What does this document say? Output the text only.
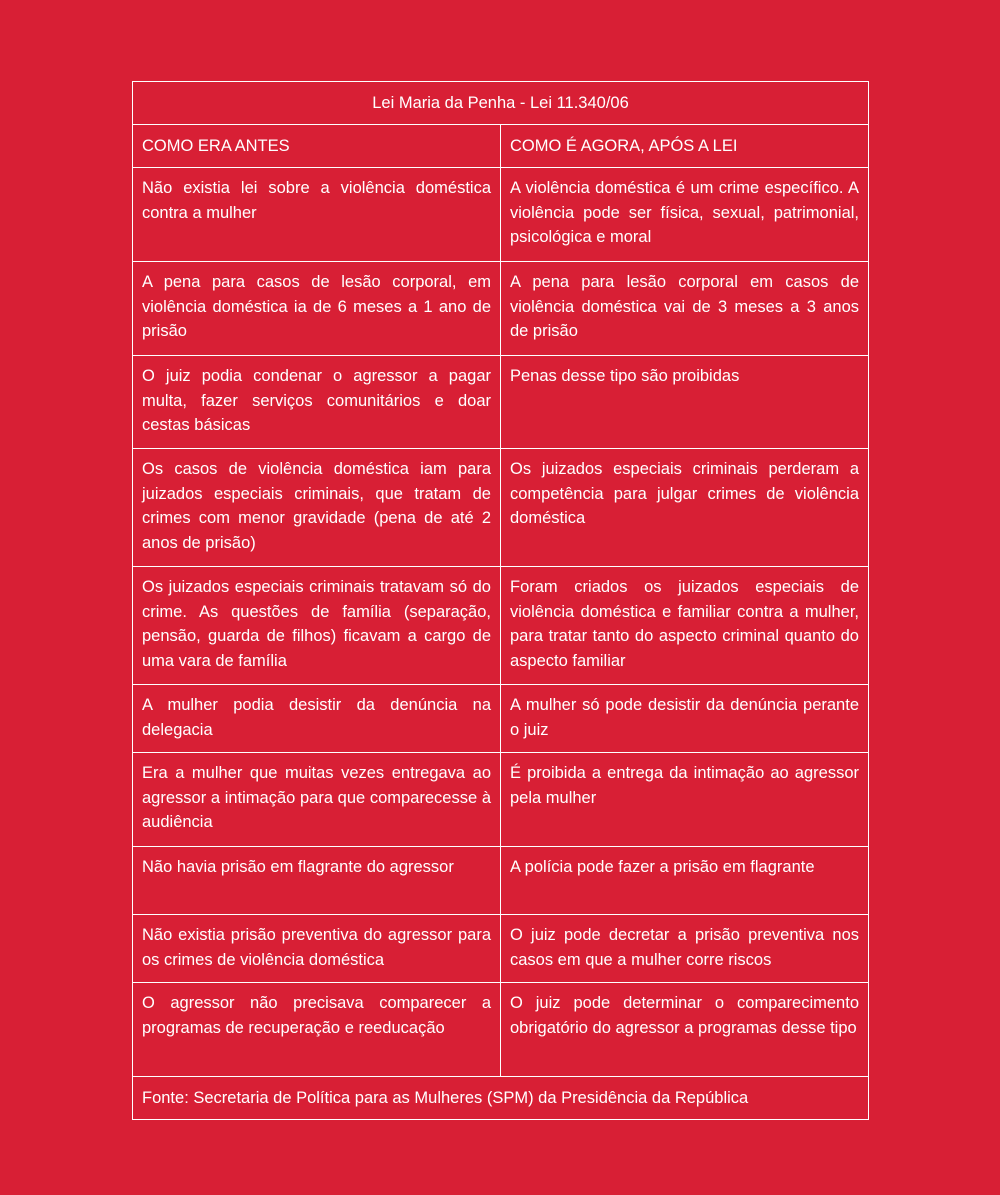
Lei Maria da Penha - Lei 11.340/06	
COMO ERA ANTES	COMO É AGORA, APÓS A LEI
Não existia lei sobre a violência doméstica contra a mulher	A violência doméstica é um crime específico. A violência pode ser física, sexual, patrimonial, psicológica e moral
A pena para casos de lesão corporal, em violência doméstica ia de 6 meses a 1 ano de prisão	A pena para lesão corporal em casos de violência doméstica vai de 3 meses a 3 anos de prisão
O juiz podia condenar o agressor a pagar multa, fazer serviços comunitários e doar cestas básicas	Penas desse tipo são proibidas
Os casos de violência doméstica iam para juizados especiais criminais, que tratam de crimes com menor gravidade (pena de até 2 anos de prisão)	Os juizados especiais criminais perderam a competência para julgar crimes de violência doméstica
Os juizados especiais criminais tratavam só do crime. As questões de família (separação, pensão, guarda de filhos) ficavam a cargo de uma vara de família	Foram criados os juizados especiais de violência doméstica e familiar contra a mulher, para tratar tanto do aspecto criminal quanto do aspecto familiar
A mulher podia desistir da denúncia na delegacia	A mulher só pode desistir da denúncia perante o juiz
Era a mulher que muitas vezes entregava ao agressor a intimação para que comparecesse à audiência	É proibida a entrega da intimação ao agressor pela mulher
Não havia prisão em flagrante do agressor	A polícia pode fazer a prisão em flagrante
Não existia prisão preventiva do agressor para os crimes de violência doméstica	O juiz pode decretar a prisão preventiva nos casos em que a mulher corre riscos
O agressor não precisava comparecer a programas de recuperação e reeducação	O juiz pode determinar o comparecimento obrigatório do agressor a programas desse tipo
Fonte: Secretaria de Política para as Mulheres (SPM) da Presidência da República	
